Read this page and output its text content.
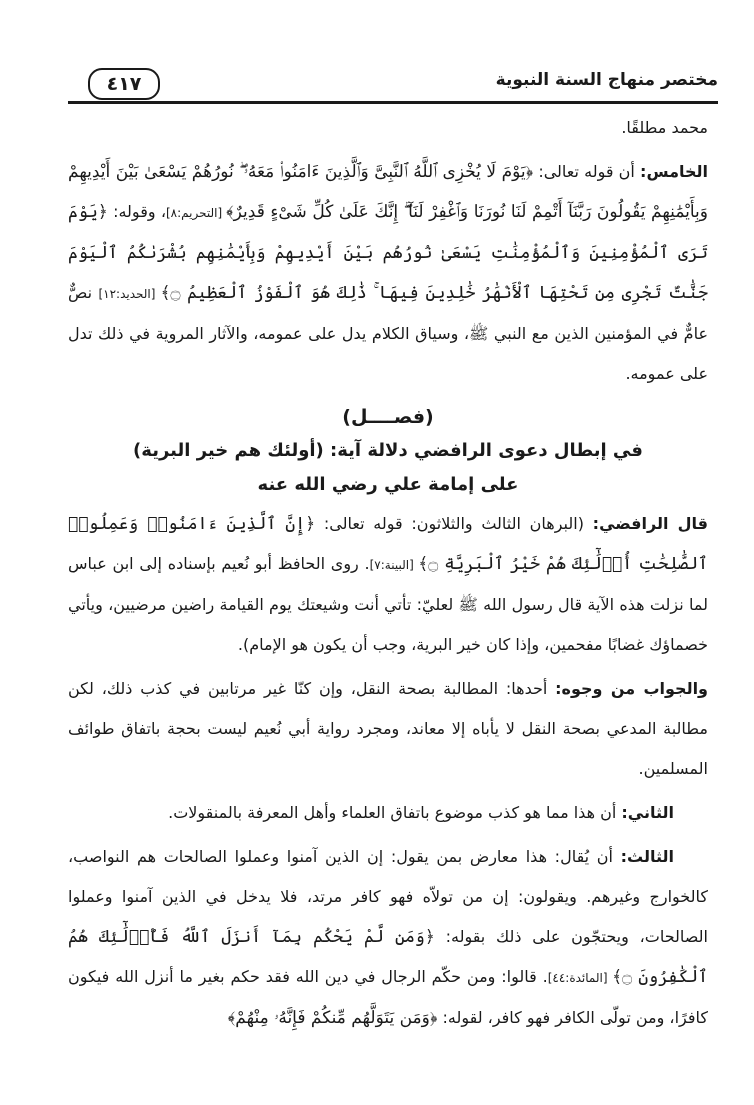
٤١٧	مختصر منهاج السنة النبوية

محمد مطلقًا.

الخامس: أن قوله تعالى: ﴿يَوْمَ لَا يُخْزِى ٱللَّهُ ٱلنَّبِىَّ وَٱلَّذِينَ ءَامَنُوا۟ مَعَهُۥ ۖ نُورُهُمْ يَسْعَىٰ بَيْنَ أَيْدِيهِمْ وَبِأَيْمَٰنِهِمْ يَقُولُونَ رَبَّنَآ أَتْمِمْ لَنَا نُورَنَا وَٱغْفِرْ لَنَآ ۖ إِنَّكَ عَلَىٰ كُلِّ شَىْءٍ قَدِيرٌ﴾ [التحريم:٨]، وقوله: ﴿يَوْمَ تَرَى ٱلْمُؤْمِنِينَ وَٱلْمُؤْمِنَٰتِ يَسْعَىٰ نُورُهُم بَيْنَ أَيْدِيهِمْ وَبِأَيْمَٰنِهِم بُشْرَىٰكُمُ ٱلْيَوْمَ جَنَّٰتٌ تَجْرِى مِن تَحْتِهَا ٱلْأَنْهَٰرُ خَٰلِدِينَ فِيهَا ۚ ذَٰلِكَ هُوَ ٱلْفَوْزُ ٱلْعَظِيمُ ۝﴾ [الحديد:١٢] نصٌّ عامٌّ في المؤمنين الذين مع النبي ﷺ، وسياق الكلام يدل على عمومه، والآثار المروية في ذلك تدل على عمومه.

(فصــــل)
في إبطال دعوى الرافضي دلالة آية: (أولئك هم خير البرية)
على إمامة علي رضي الله عنه

قال الرافضي: (البرهان الثالث والثلاثون: قوله تعالى: ﴿إِنَّ ٱلَّذِينَ ءَامَنُوا۟ وَعَمِلُوا۟ ٱلصَّٰلِحَٰتِ أُو۟لَٰٓئِكَ هُمْ خَيْرُ ٱلْبَرِيَّةِ ۝﴾ [البينة:٧]. روى الحافظ أبو نُعيم بإسناده إلى ابن عباس لما نزلت هذه الآية قال رسول الله ﷺ لعليّ: تأتي أنت وشيعتك يوم القيامة راضين مرضيين، ويأتي خصماؤك غضابًا مفحمين، وإذا كان خير البرية، وجب أن يكون هو الإمام).

والجواب من وجوه: أحدها: المطالبة بصحة النقل، وإن كنّا غير مرتابين في كذب ذلك، لكن مطالبة المدعي بصحة النقل لا يأباه إلا معاند، ومجرد رواية أبي نُعيم ليست بحجة باتفاق طوائف المسلمين.

الثاني: أن هذا مما هو كذب موضوع باتفاق العلماء وأهل المعرفة بالمنقولات.

الثالث: أن يُقال: هذا معارض بمن يقول: إن الذين آمنوا وعملوا الصالحات هم النواصب، كالخوارج وغيرهم. ويقولون: إن من تولاّه فهو كافر مرتد، فلا يدخل في الذين آمنوا وعملوا الصالحات، ويحتجّون على ذلك بقوله: ﴿وَمَن لَّمْ يَحْكُم بِمَآ أَنزَلَ ٱللَّهُ فَأُو۟لَٰٓئِكَ هُمُ ٱلْكَٰفِرُونَ ۝﴾ [المائدة:٤٤]. قالوا: ومن حكّم الرجال في دين الله فقد حكم بغير ما أنزل الله فيكون كافرًا، ومن تولّى الكافر فهو كافر، لقوله: ﴿وَمَن يَتَوَلَّهُم مِّنكُمْ فَإِنَّهُۥ مِنْهُمْ﴾
